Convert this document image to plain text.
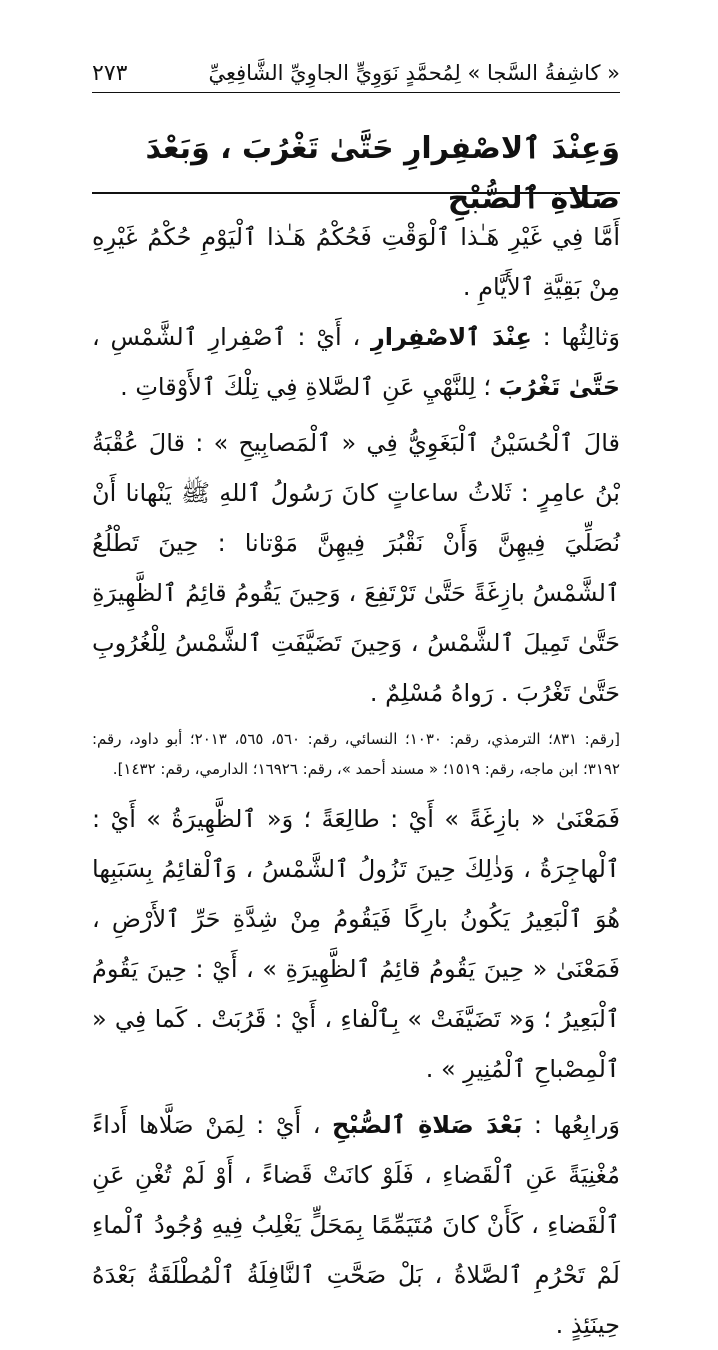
« كاشِفةُ السَّجا » لِمُحمَّدٍ نَوَوِيٍّ الجاوِيِّ الشَّافِعِيِّ
٢٧٣
وَعِنْدَ ٱلاصْفِرارِ حَتَّىٰ تَغْرُبَ ، وَبَعْدَ صَلاةِ ٱلصُّبْحِ

أَمَّا فِي غَيْرِ هَـٰذا ٱلْوَقْتِ فَحُكْمُ هَـٰذا ٱلْيَوْمِ حُكْمُ غَيْرِهِ مِنْ بَقِيَّةِ ٱلأَيَّامِ .

وَثالِثُها : عِنْدَ ٱلاصْفِرارِ ، أَيْ : ٱصْفِرارِ ٱلشَّمْسِ ، حَتَّىٰ تَغْرُبَ ؛ لِلنَّهْيِ عَنِ ٱلصَّلاةِ فِي تِلْكَ ٱلأَوْقاتِ .

قالَ ٱلْحُسَيْنُ ٱلْبَغَوِيُّ فِي « ٱلْمَصابِيحِ » : قالَ عُقْبَةُ بْنُ عامِرٍ : ثَلاثُ ساعاتٍ كانَ رَسُولُ ٱللهِ ﷺ يَنْهانا أَنْ نُصَلِّيَ فِيهِنَّ وَأَنْ نَقْبُرَ فِيهِنَّ مَوْتانا : حِينَ تَطْلُعُ ٱلشَّمْسُ بازِغَةً حَتَّىٰ تَرْتَفِعَ ، وَحِينَ يَقُومُ قائِمُ ٱلظَّهِيرَةِ حَتَّىٰ تَمِيلَ ٱلشَّمْسُ ، وَحِينَ تَضَيَّفَتِ ٱلشَّمْسُ لِلْغُرُوبِ حَتَّىٰ تَغْرُبَ . رَواهُ مُسْلِمٌ .

[رقم: ٨٣١؛ الترمذي، رقم: ١٠٣٠؛ النسائي، رقم: ٥٦٠، ٥٦٥، ٢٠١٣؛ أبو داود، رقم: ٣١٩٢؛ ابن ماجه، رقم: ١٥١٩؛ « مسند أحمد »، رقم: ١٦٩٢٦؛ الدارمي، رقم: ١٤٣٢].

فَمَعْنَىٰ « بازِغَةً » أَيْ : طالِعَةً ؛ وَ« ٱلظَّهِيرَةُ » أَيْ : ٱلْهاجِرَةُ ، وَذٰلِكَ حِينَ تَزُولُ ٱلشَّمْسُ ، وَٱلْقائِمُ بِسَبَبِها هُوَ ٱلْبَعِيرُ يَكُونُ بارِكًا فَيَقُومُ مِنْ شِدَّةِ حَرِّ ٱلأَرْضِ ، فَمَعْنَىٰ « حِينَ يَقُومُ قائِمُ ٱلظَّهِيرَةِ » ، أَيْ : حِينَ يَقُومُ ٱلْبَعِيرُ ؛ وَ« تَضَيَّفَتْ » بِٱلْفاءِ ، أَيْ : قَرُبَتْ . كَما فِي « ٱلْمِصْباحِ ٱلْمُنِيرِ » .

وَرابِعُها : بَعْدَ صَلاةِ ٱلصُّبْحِ ، أَيْ : لِمَنْ صَلَّاها أَداءً مُغْنِيَةً عَنِ ٱلْقَضاءِ ، فَلَوْ كانَتْ قَضاءً ، أَوْ لَمْ تُغْنِ عَنِ ٱلْقَضاءِ ، كَأَنْ كانَ مُتَيَمِّمًا بِمَحَلٍّ يَغْلِبُ فِيهِ وُجُودُ ٱلْماءِ لَمْ تَحْرُمِ ٱلصَّلاةُ ، بَلْ صَحَّتِ ٱلنَّافِلَةُ ٱلْمُطْلَقَةُ بَعْدَهُ حِينَئِذٍ .
